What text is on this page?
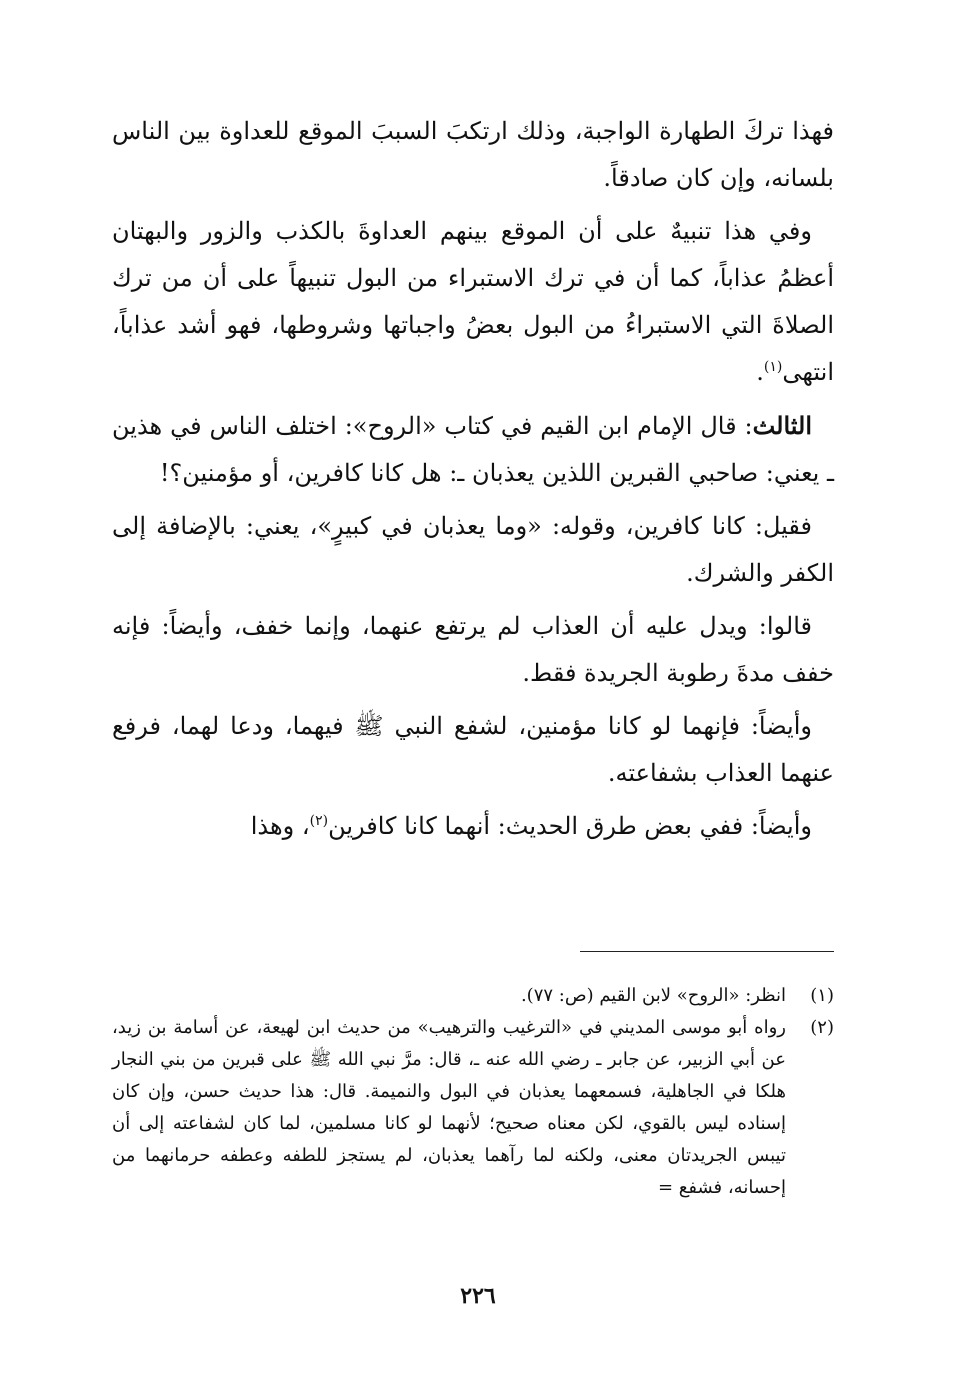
فهذا تركَ الطهارة الواجبة، وذلك ارتكبَ السببَ الموقع للعداوة بين الناس بلسانه، وإن كان صادقاً.

وفي هذا تنبيهٌ على أن الموقع بينهم العداوةَ بالكذب والزور والبهتان أعظمُ عذاباً، كما أن في ترك الاستبراء من البول تنبيهاً على أن من ترك الصلاةَ التي الاستبراءُ من البول بعضُ واجباتها وشروطها، فهو أشد عذاباً، انتهى$^{(١)}$.

الثالث: قال الإمام ابن القيم في كتاب «الروح»: اختلف الناس في هذين ـ يعني: صاحبي القبرين اللذين يعذبان ـ: هل كانا كافرين، أو مؤمنين؟!

فقيل: كانا كافرين، وقوله: «وما يعذبان في كبيرٍ»، يعني: بالإضافة إلى الكفر والشرك.

قالوا: ويدل عليه أن العذاب لم يرتفع عنهما، وإنما خفف، وأيضاً: فإنه خفف مدةَ رطوبة الجريدة فقط.

وأيضاً: فإنهما لو كانا مؤمنين، لشفع النبي ﷺ فيهما، ودعا لهما، فرفع عنهما العذاب بشفاعته.

وأيضاً: ففي بعض طرق الحديث: أنهما كانا كافرين$^{(٢)}$، وهذا

(١)
انظر: «الروح» لابن القيم (ص: ٧٧).

(٢)
رواه أبو موسى المديني في «الترغيب والترهيب» من حديث ابن لهيعة، عن أسامة بن زيد، عن أبي الزبير، عن جابر ـ رضي الله عنه ـ، قال: مرَّ نبي الله ﷺ على قبرين من بني النجار هلكا في الجاهلية، فسمعهما يعذبان في البول والنميمة. قال: هذا حديث حسن، وإن كان إسناده ليس بالقوي، لكن معناه صحيح؛ لأنهما لو كانا مسلمين، لما كان لشفاعته إلى أن تيبس الجريدتان معنى، ولكنه لما رآهما يعذبان، لم يستجز للطفه وعطفه حرمانهما من إحسانه، فشفع =

٢٢٦
